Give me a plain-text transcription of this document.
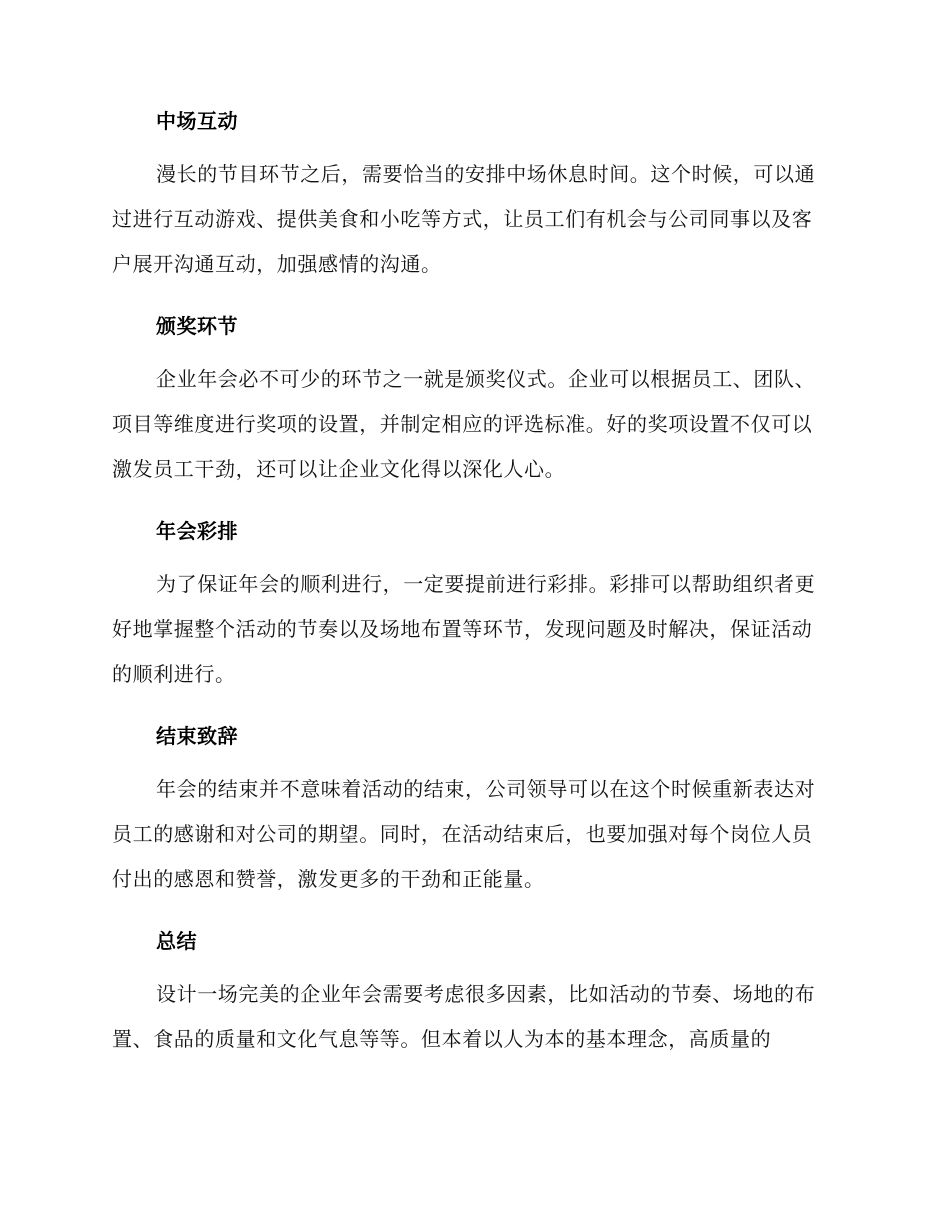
中场互动

漫长的节目环节之后，需要恰当的安排中场休息时间。这个时候，可以通过进行互动游戏、提供美食和小吃等方式，让员工们有机会与公司同事以及客户展开沟通互动，加强感情的沟通。

颁奖环节

企业年会必不可少的环节之一就是颁奖仪式。企业可以根据员工、团队、项目等维度进行奖项的设置，并制定相应的评选标准。好的奖项设置不仅可以激发员工干劲，还可以让企业文化得以深化人心。

年会彩排

为了保证年会的顺利进行，一定要提前进行彩排。彩排可以帮助组织者更好地掌握整个活动的节奏以及场地布置等环节，发现问题及时解决，保证活动的顺利进行。

结束致辞

年会的结束并不意味着活动的结束，公司领导可以在这个时候重新表达对员工的感谢和对公司的期望。同时，在活动结束后，也要加强对每个岗位人员付出的感恩和赞誉，激发更多的干劲和正能量。

总结

设计一场完美的企业年会需要考虑很多因素，比如活动的节奏、场地的布置、食品的质量和文化气息等等。但本着以人为本的基本理念，高质量的
